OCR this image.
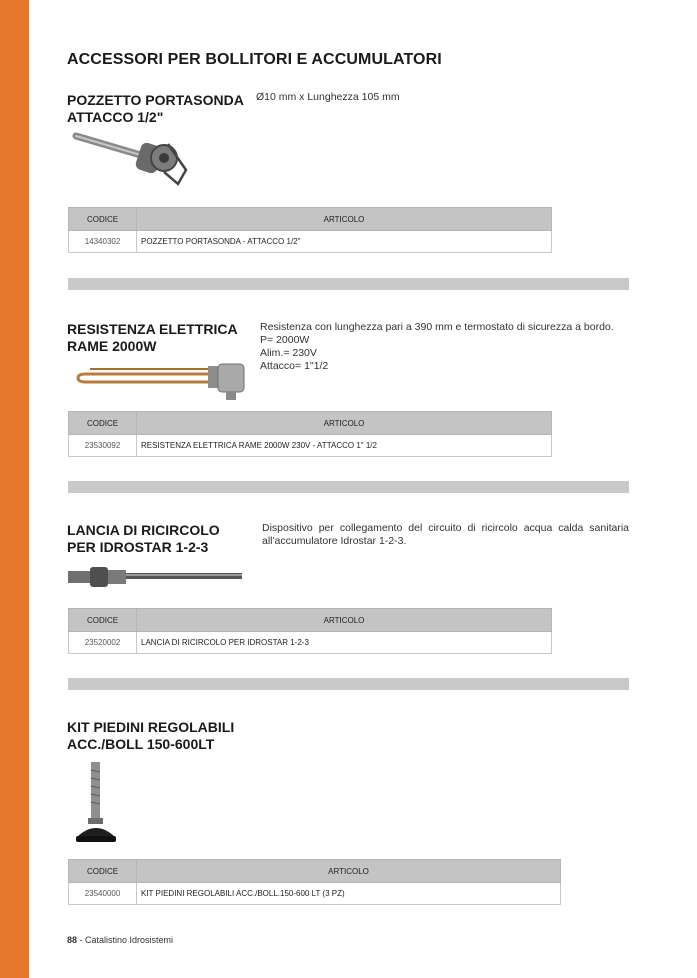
ACCESSORI PER BOLLITORI E ACCUMULATORI
POZZETTO PORTASONDA
ATTACCO 1/2"
Ø10 mm x Lunghezza 105 mm
CODICE	ARTICOLO
14340302	POZZETTO PORTASONDA - ATTACCO 1/2"
RESISTENZA ELETTRICA
RAME 2000W
Resistenza con lunghezza pari a 390 mm e termostato di sicurezza a bordo.
P= 2000W
Alim.= 230V
Attacco= 1"1/2
CODICE	ARTICOLO
23530092	RESISTENZA ELETTRICA RAME 2000W 230V - ATTACCO 1" 1/2
LANCIA DI RICIRCOLO
PER IDROSTAR 1-2-3
Dispositivo per collegamento del circuito di ricircolo acqua calda sanitaria all'accumulatore Idrostar 1-2-3.
CODICE	ARTICOLO
23520002	LANCIA DI RICIRCOLO PER IDROSTAR 1-2-3
KIT PIEDINI REGOLABILI
ACC./BOLL 150-600LT
CODICE	ARTICOLO
23540000	KIT PIEDINI REGOLABILI ACC./BOLL.150-600 LT (3 PZ)
88 - Catalistino Idrosistemi
